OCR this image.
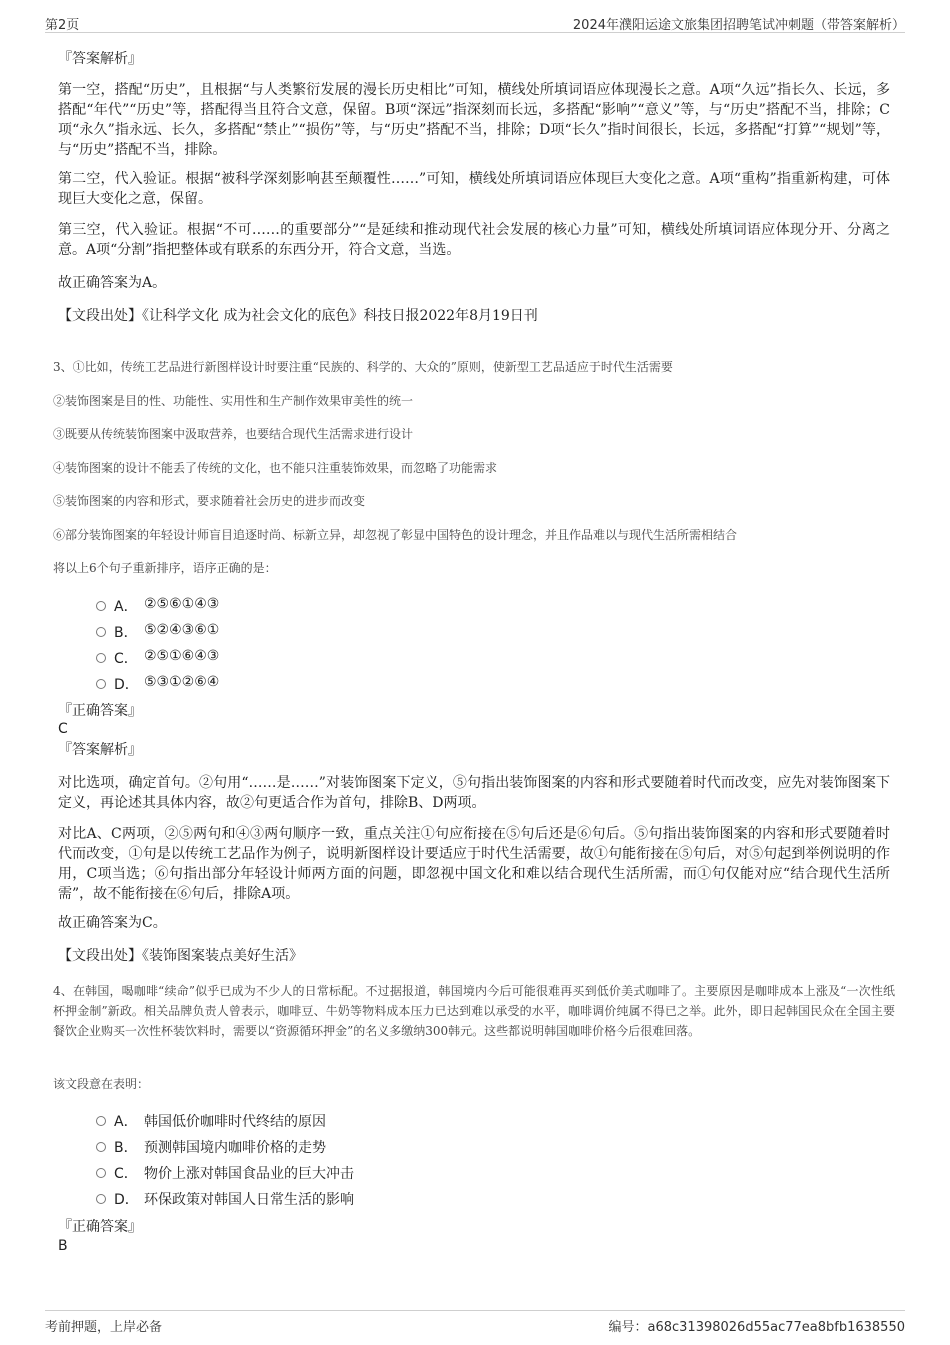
第2页	2024年濮阳运途文旅集团招聘笔试冲刺题（带答案解析）
『答案解析』
第一空，搭配“历史”，且根据“与人类繁衍发展的漫长历史相比”可知，横线处所填词语应体现漫长之意。A项“久远”指长久、长远，多搭配“年代”“历史”等，搭配得当且符合文意，保留。B项“深远”指深刻而长远，多搭配“影响”“意义”等，与“历史”搭配不当，排除；C项“永久”指永远、长久，多搭配“禁止”“损伤”等，与“历史”搭配不当，排除；D项“长久”指时间很长，长远，多搭配“打算”“规划”等，与“历史”搭配不当，排除。
第二空，代入验证。根据“被科学深刻影响甚至颠覆性……”可知，横线处所填词语应体现巨大变化之意。A项“重构”指重新构建，可体现巨大变化之意，保留。
第三空，代入验证。根据“不可……的重要部分”“是延续和推动现代社会发展的核心力量”可知，横线处所填词语应体现分开、分离之意。A项“分割”指把整体或有联系的东西分开，符合文意，当选。
故正确答案为A。
【文段出处】《让科学文化 成为社会文化的底色》科技日报2022年8月19日刊
3、①比如，传统工艺品进行新图样设计时要注重“民族的、科学的、大众的”原则，使新型工艺品适应于时代生活需要
②装饰图案是目的性、功能性、实用性和生产制作效果审美性的统一
③既要从传统装饰图案中汲取营养，也要结合现代生活需求进行设计
④装饰图案的设计不能丢了传统的文化，也不能只注重装饰效果，而忽略了功能需求
⑤装饰图案的内容和形式，要求随着社会历史的进步而改变
⑥部分装饰图案的年轻设计师盲目追逐时尚、标新立异，却忽视了彰显中国特色的设计理念，并且作品难以与现代生活所需相结合
将以上6个句子重新排序，语序正确的是：
A． ②⑤⑥①④③
B． ⑤②④③⑥①
C． ②⑤①⑥④③
D． ⑤③①②⑥④
『正确答案』
C
『答案解析』
对比选项，确定首句。②句用“……是……”对装饰图案下定义，⑤句指出装饰图案的内容和形式要随着时代而改变，应先对装饰图案下定义，再论述其具体内容，故②句更适合作为首句，排除B、D两项。
对比A、C两项，②⑤两句和④③两句顺序一致，重点关注①句应衔接在⑤句后还是⑥句后。⑤句指出装饰图案的内容和形式要随着时代而改变，①句是以传统工艺品作为例子，说明新图样设计要适应于时代生活需要，故①句能衔接在⑤句后，对⑤句起到举例说明的作用，C项当选；⑥句指出部分年轻设计师两方面的问题，即忽视中国文化和难以结合现代生活所需，而①句仅能对应“结合现代生活所需”，故不能衔接在⑥句后，排除A项。
故正确答案为C。
【文段出处】《装饰图案装点美好生活》
4、在韩国，喝咖啡“续命”似乎已成为不少人的日常标配。不过据报道，韩国境内今后可能很难再买到低价美式咖啡了。主要原因是咖啡成本上涨及“一次性纸杯押金制”新政。相关品牌负责人曾表示，咖啡豆、牛奶等物料成本压力已达到难以承受的水平，咖啡调价纯属不得已之举。此外，即日起韩国民众在全国主要餐饮企业购买一次性杯装饮料时，需要以“资源循环押金”的名义多缴纳300韩元。这些都说明韩国咖啡价格今后很难回落。
该文段意在表明：
A． 韩国低价咖啡时代终结的原因
B． 预测韩国境内咖啡价格的走势
C． 物价上涨对韩国食品业的巨大冲击
D． 环保政策对韩国人日常生活的影响
『正确答案』
B
考前押题，上岸必备	编号：a68c31398026d55ac77ea8bfb1638550
